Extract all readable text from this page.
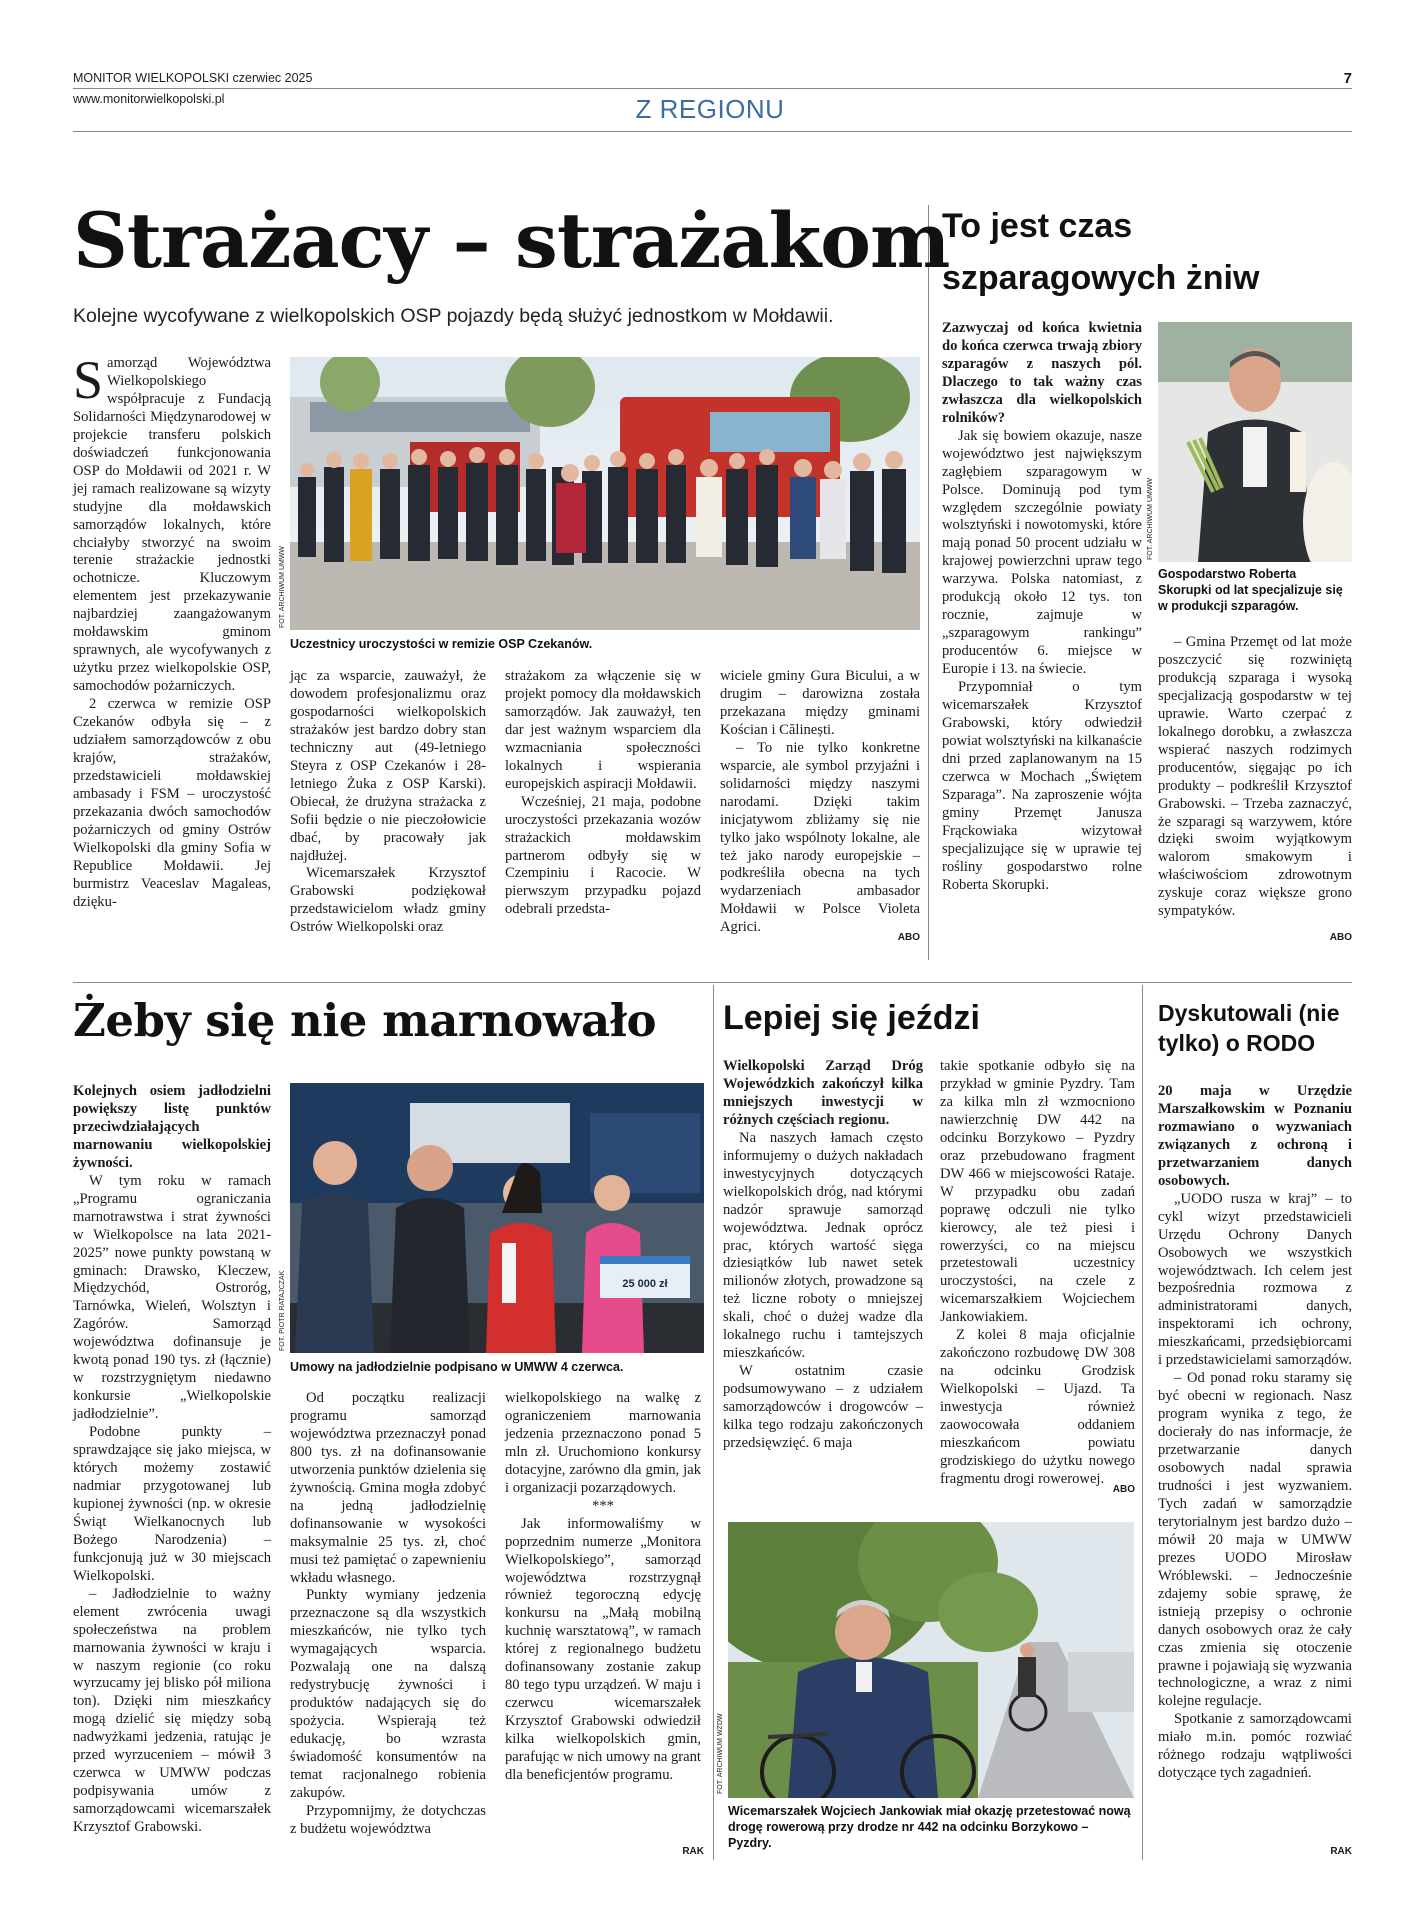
MONITOR WIELKOPOLSKI czerwiec 2025
www.monitorwielkopolski.pl
7
Z REGIONU
Strażacy – strażakom
Kolejne wycofywane z wielkopolskich OSP pojazdy będą służyć jednostkom w Mołdawii.

Samorząd Województwa Wielkopolskiego współpracuje z Fundacją Solidarności Międzynarodowej w projekcie transferu polskich doświadczeń funkcjonowania OSP do Mołdawii od 2021 r. W jej ramach realizowane są wizyty studyjne dla mołdawskich samorządów lokalnych, które chciałyby stworzyć na swoim terenie strażackie jednostki ochotnicze. Kluczowym elementem jest przekazywanie najbardziej zaangażowanym mołdawskim gminom sprawnych, ale wycofywanych z użytku przez wielkopolskie OSP, samochodów pożarniczych.

2 czerwca w remizie OSP Czekanów odbyła się – z udziałem samorządowców z obu krajów, strażaków, przedstawicieli mołdawskiej ambasady i FSM – uroczystość przekazania dwóch samochodów pożarniczych od gminy Ostrów Wielkopolski dla gminy Sofia w Republice Mołdawii. Jej burmistrz Veaceslav Magaleas, dzięku-

FOT. ARCHIWUM UMWW
Uczestnicy uroczystości w remizie OSP Czekanów.

jąc za wsparcie, zauważył, że dowodem profesjonalizmu oraz gospodarności wielkopolskich strażaków jest bardzo dobry stan techniczny aut (49-letniego Steyra z OSP Czekanów i 28-letniego Żuka z OSP Karski). Obiecał, że drużyna strażacka z Sofii będzie o nie pieczołowicie dbać, by pracowały jak najdłużej.

Wicemarszałek Krzysztof Grabowski podziękował przedstawicielom władz gminy Ostrów Wielkopolski oraz

strażakom za włączenie się w projekt pomocy dla mołdawskich samorządów. Jak zauważył, ten dar jest ważnym wsparciem dla wzmacniania społeczności lokalnych i wspierania europejskich aspiracji Mołdawii.

Wcześniej, 21 maja, podobne uroczystości przekazania wozów strażackich mołdawskim partnerom odbyły się w Czempiniu i Racocie. W pierwszym przypadku pojazd odebrali przedsta-

wiciele gminy Gura Bicului, a w drugim – darowizna została przekazana między gminami Kościan i Călinești.

– To nie tylko konkretne wsparcie, ale symbol przyjaźni i solidarności między naszymi narodami. Dzięki takim inicjatywom zbliżamy się nie tylko jako wspólnoty lokalne, ale też jako narody europejskie – podkreśliła obecna na tych wydarzeniach ambasador Mołdawii w Polsce Violeta Agrici.

ABO
To jest czas
szparagowych żniw

Zazwyczaj od końca kwietnia do końca czerwca trwają zbiory szparagów z naszych pól. Dlaczego to tak ważny czas zwłaszcza dla wielkopolskich rolników?

Jak się bowiem okazuje, nasze województwo jest największym zagłębiem szparagowym w Polsce. Dominują pod tym względem szczególnie powiaty wolsztyński i nowotomyski, które mają ponad 50 procent udziału w krajowej powierzchni upraw tego warzywa. Polska natomiast, z produkcją około 12 tys. ton rocznie, zajmuje w „szparagowym rankingu” producentów 6. miejsce w Europie i 13. na świecie.

Przypomniał o tym wicemarszałek Krzysztof Grabowski, który odwiedził powiat wolsztyński na kilkanaście dni przed zaplanowanym na 15 czerwca w Mochach „Świętem Szparaga”. Na zaproszenie wójta gminy Przemęt Janusza Frąckowiaka wizytował specjalizujące się w uprawie tej rośliny gospodarstwo rolne Roberta Skorupki.

FOT. ARCHIWUM UMWW
Gospodarstwo Roberta Skorupki od lat specjalizuje się w produkcji szparagów.

– Gmina Przemęt od lat może poszczycić się rozwiniętą produkcją szparaga i wysoką specjalizacją gospodarstw w tej uprawie. Warto czerpać z lokalnego dorobku, a zwłaszcza wspierać naszych rodzimych producentów, sięgając po ich produkty – podkreślił Krzysztof Grabowski. – Trzeba zaznaczyć, że szparagi są warzywem, które dzięki swoim wyjątkowym walorom smakowym i właściwościom zdrowotnym zyskuje coraz większe grono sympatyków.

ABO
Żeby się nie marnowało

Kolejnych osiem jadłodzielni powiększy listę punktów przeciwdziałających marnowaniu wielkopolskiej żywności.

W tym roku w ramach „Programu ograniczania marnotrawstwa i strat żywności w Wielkopolsce na lata 2021-2025” nowe punkty powstaną w gminach: Drawsko, Kleczew, Międzychód, Ostroróg, Tarnówka, Wieleń, Wolsztyn i Zagórów. Samorząd województwa dofinansuje je kwotą ponad 190 tys. zł (łącznie) w rozstrzygniętym niedawno konkursie „Wielkopolskie jadłodzielnie”.

Podobne punkty – sprawdzające się jako miejsca, w których możemy zostawić nadmiar przygotowanej lub kupionej żywności (np. w okresie Świąt Wielkanocnych lub Bożego Narodzenia) – funkcjonują już w 30 miejscach Wielkopolski.

– Jadłodzielnie to ważny element zwrócenia uwagi społeczeństwa na problem marnowania żywności w kraju i w naszym regionie (co roku wyrzucamy jej blisko pół miliona ton). Dzięki nim mieszkańcy mogą dzielić się między sobą nadwyżkami jedzenia, ratując je przed wyrzuceniem – mówił 3 czerwca w UMWW podczas podpisywania umów z samorządowcami wicemarszałek Krzysztof Grabowski.

25 000 zł
FOT. PIOTR RATAJCZAK
Umowy na jadłodzielnie podpisano w UMWW 4 czerwca.

Od początku realizacji programu samorząd województwa przeznaczył ponad 800 tys. zł na dofinansowanie utworzenia punktów dzielenia się żywnością. Gmina mogła zdobyć na jedną jadłodzielnię dofinansowanie w wysokości maksymalnie 25 tys. zł, choć musi też pamiętać o zapewnieniu wkładu własnego.

Punkty wymiany jedzenia przeznaczone są dla wszystkich mieszkańców, nie tylko tych wymagających wsparcia. Pozwalają one na dalszą redystrybucję żywności i produktów nadających się do spożycia. Wspierają też edukację, bo wzrasta świadomość konsumentów na temat racjonalnego robienia zakupów.

Przypomnijmy, że dotychczas z budżetu województwa

wielkopolskiego na walkę z ograniczeniem marnowania jedzenia przeznaczono ponad 5 mln zł. Uruchomiono konkursy dotacyjne, zarówno dla gmin, jak i organizacji pozarządowych.

***

Jak informowaliśmy w poprzednim numerze „Monitora Wielkopolskiego”, samorząd województwa rozstrzygnął również tegoroczną edycję konkursu na „Małą mobilną kuchnię warsztatową”, w ramach której z regionalnego budżetu dofinansowany zostanie zakup 80 tego typu urządzeń. W maju i czerwcu wicemarszałek Krzysztof Grabowski odwiedził kilka wielkopolskich gmin, parafując w nich umowy na grant dla beneficjentów programu.

RAK
Lepiej się jeździ

Wielkopolski Zarząd Dróg Wojewódzkich zakończył kilka mniejszych inwestycji w różnych częściach regionu.

Na naszych łamach często informujemy o dużych nakładach inwestycyjnych dotyczących wielkopolskich dróg, nad którymi nadzór sprawuje samorząd województwa. Jednak oprócz prac, których wartość sięga dziesiątków lub nawet setek milionów złotych, prowadzone są też liczne roboty o mniejszej skali, choć o dużej wadze dla lokalnego ruchu i tamtejszych mieszkańców.

W ostatnim czasie podsumowywano – z udziałem samorządowców i drogowców – kilka tego rodzaju zakończonych przedsięwzięć. 6 maja

takie spotkanie odbyło się na przykład w gminie Pyzdry. Tam za kilka mln zł wzmocniono nawierzchnię DW 442 na odcinku Borzykowo – Pyzdry oraz przebudowano fragment DW 466 w miejscowości Rataje. W przypadku obu zadań poprawę odczuli nie tylko kierowcy, ale też piesi i rowerzyści, co na miejscu przetestowali uczestnicy uroczystości, na czele z wicemarszałkiem Wojciechem Jankowiakiem.

Z kolei 8 maja oficjalnie zakończono rozbudowę DW 308 na odcinku Grodzisk Wielkopolski – Ujazd. Ta inwestycja również zaowocowała oddaniem mieszkańcom powiatu grodziskiego do użytku nowego fragmentu drogi rowerowej.

ABO
FOT. ARCHIWUM WZDW
Wicemarszałek Wojciech Jankowiak miał okazję przetestować nową drogę rowerową przy drodze nr 442 na odcinku Borzykowo – Pyzdry.
Dyskutowali (nie
tylko) o RODO

20 maja w Urzędzie Marszałkowskim w Poznaniu rozmawiano o wyzwaniach związanych z ochroną i przetwarzaniem danych osobowych.

„UODO rusza w kraj” – to cykl wizyt przedstawicieli Urzędu Ochrony Danych Osobowych we wszystkich województwach. Ich celem jest bezpośrednia rozmowa z administratorami danych, inspektorami ich ochrony, mieszkańcami, przedsiębiorcami i przedstawicielami samorządów.

– Od ponad roku staramy się być obecni w regionach. Nasz program wynika z tego, że docierały do nas informacje, że przetwarzanie danych osobowych nadal sprawia trudności i jest wyzwaniem. Tych zadań w samorządzie terytorialnym jest bardzo dużo – mówił 20 maja w UMWW prezes UODO Mirosław Wróblewski. – Jednocześnie zdajemy sobie sprawę, że istnieją przepisy o ochronie danych osobowych oraz że cały czas zmienia się otoczenie prawne i pojawiają się wyzwania technologiczne, a wraz z nimi kolejne regulacje.

Spotkanie z samorządowcami miało m.in. pomóc rozwiać różnego rodzaju wątpliwości dotyczące tych zagadnień.

RAK
